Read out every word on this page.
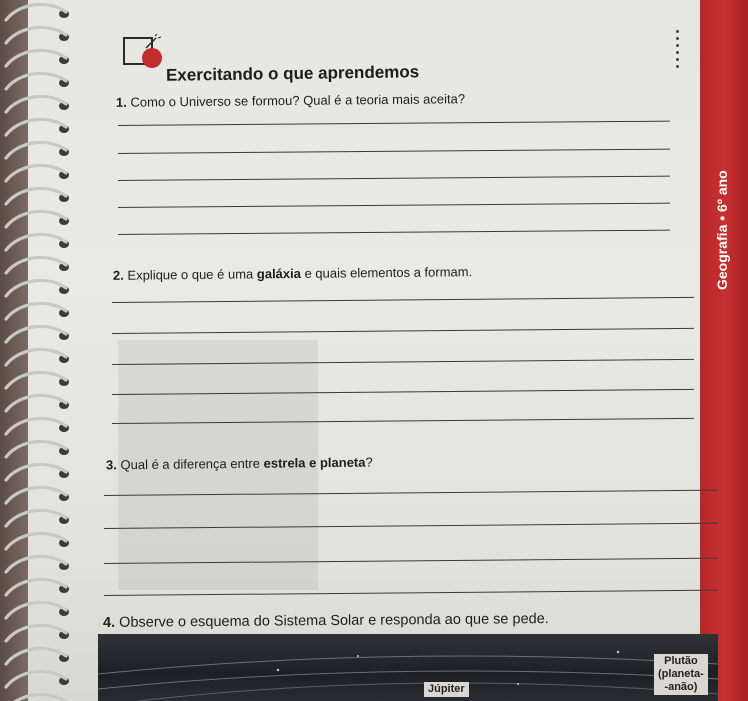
Geografia • 6º ano
Exercitando o que aprendemos
1. Como o Universo se formou? Qual é a teoria mais aceita?
2. Explique o que é uma galáxia e quais elementos a formam.
3. Qual é a diferença entre estrela e planeta?
4. Observe o esquema do Sistema Solar e responda ao que se pede.
Júpiter
Plutão
(planeta-
-anão)
